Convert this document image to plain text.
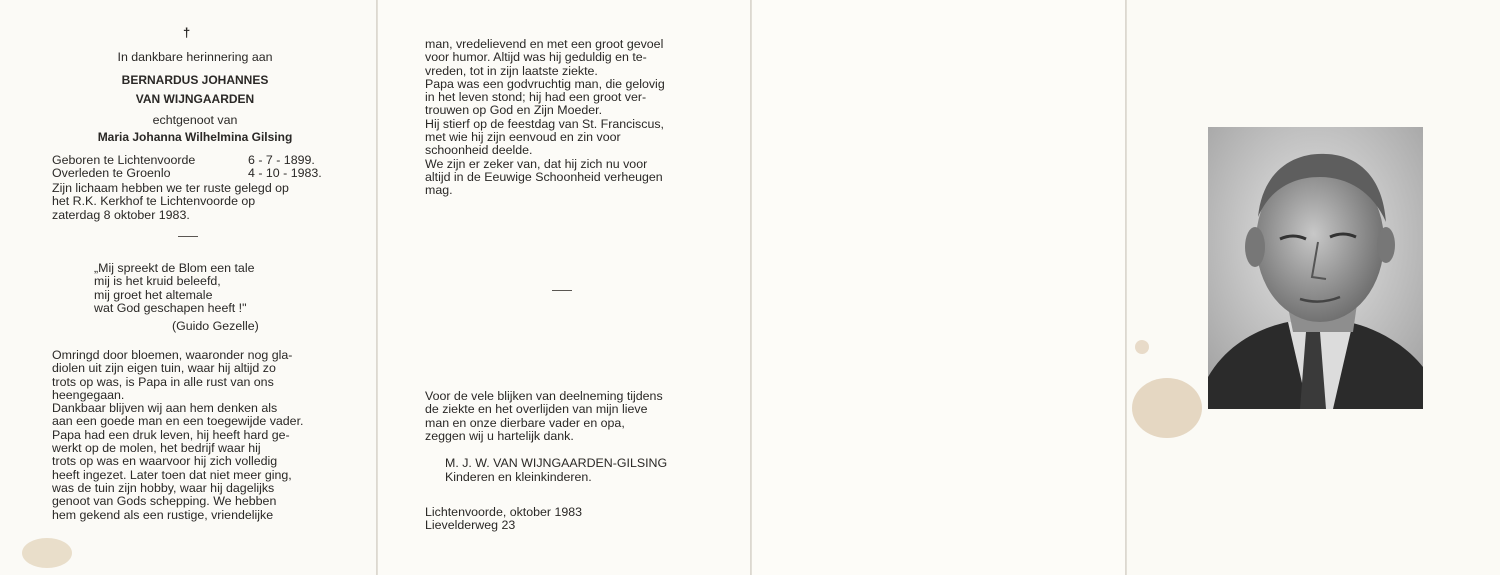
†

In dankbare herinnering aan

BERNARDUS JOHANNES

VAN WIJNGAARDEN

echtgenoot van

Maria Johanna Wilhelmina Gilsing

Geboren te Lichtenvoorde	6 - 7 - 1899.

Overleden te Groenlo	4 - 10 - 1983.

Zijn lichaam hebben we ter ruste gelegd op
het R.K. Kerkhof te Lichtenvoorde op
zaterdag 8 oktober 1983.

„Mij spreekt de Blom een tale
mij is het kruid beleefd,
mij groet het altemale
wat God geschapen heeft !"

(Guido Gezelle)

Omringd door bloemen, waaronder nog gla-
diolen uit zijn eigen tuin, waar hij altijd zo
trots op was, is Papa in alle rust van ons
heengegaan.
Dankbaar blijven wij aan hem denken als
aan een goede man en een toegewijde vader.
Papa had een druk leven, hij heeft hard ge-
werkt op de molen, het bedrijf waar hij
trots op was en waarvoor hij zich volledig
heeft ingezet. Later toen dat niet meer ging,
was de tuin zijn hobby, waar hij dagelijks
genoot van Gods schepping. We hebben
hem gekend als een rustige, vriendelijke

man, vredelievend en met een groot gevoel
voor humor. Altijd was hij geduldig en te-
vreden, tot in zijn laatste ziekte.
Papa was een godvruchtig man, die gelovig
in het leven stond; hij had een groot ver-
trouwen op God en Zijn Moeder.
Hij stierf op de feestdag van St. Franciscus,
met wie hij zijn eenvoud en zin voor
schoonheid deelde.
We zijn er zeker van, dat hij zich nu voor
altijd in de Eeuwige Schoonheid verheugen
mag.

Voor de vele blijken van deelneming tijdens
de ziekte en het overlijden van mijn lieve
man en onze dierbare vader en opa,
zeggen wij u hartelijk dank.

M. J. W. VAN WIJNGAARDEN-GILSING

Kinderen en kleinkinderen.

Lichtenvoorde, oktober 1983

Lievelderweg 23
